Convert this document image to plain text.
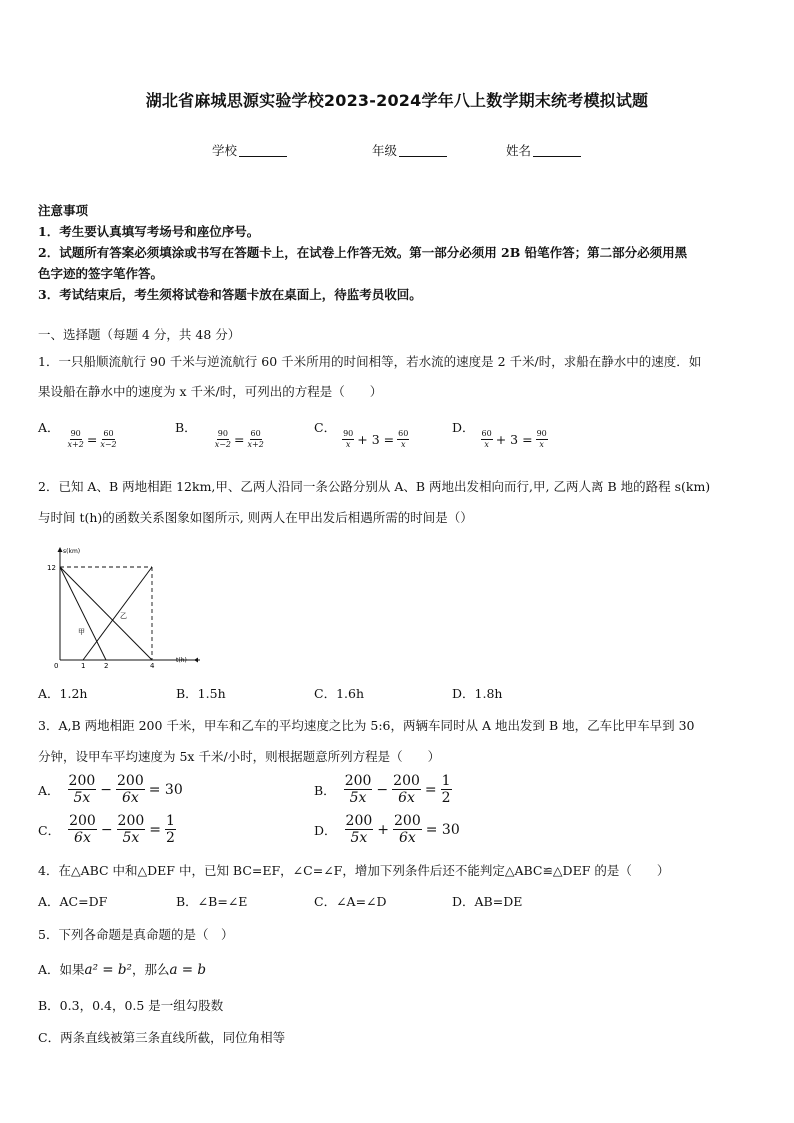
湖北省麻城思源实验学校2023-2024学年八上数学期末统考模拟试题
学校	年级	姓名
注意事项
1．考生要认真填写考场号和座位序号。
2．试题所有答案必须填涂或书写在答题卡上，在试卷上作答无效。第一部分必须用 2B 铅笔作答；第二部分必须用黑
色字迹的签字笔作答。
3．考试结束后，考生须将试卷和答题卡放在桌面上，待监考员收回。
一、选择题（每题 4 分，共 48 分）
1．一只船顺流航行 90 千米与逆流航行 60 千米所用的时间相等，若水流的速度是 2 千米/时，求船在静水中的速度．如
果设船在静水中的速度为 x 千米/时，可列出的方程是（　　）
A．
$\frac{90}{x+2} = \frac{60}{x-2}$
B．
$\frac{90}{x-2} = \frac{60}{x+2}$
C．
$\frac{90}{x} + 3 = \frac{60}{x}$
D．
$\frac{60}{x} + 3 = \frac{90}{x}$
2．已知 A、B 两地相距 12km,甲、乙两人沿同一条公路分别从 A、B 两地出发相向而行,甲, 乙两人离 B 地的路程 s(km)
与时间 t(h)的函数关系图象如图所示, 则两人在甲出发后相遇所需的时间是（）
s(km)
t(h)
12
0	1	2	4
甲
乙
A．1.2h	B．1.5h	C．1.6h	D．1.8h
3．A,B 两地相距 200 千米，甲车和乙车的平均速度之比为 5:6，两辆车同时从 A 地出发到 B 地，乙车比甲车早到 30
分钟，设甲车平均速度为 5x 千米/小时，则根据题意所列方程是（　　）
A． $\frac{200}{5x} - \frac{200}{6x} = 30$	B． $\frac{200}{5x} - \frac{200}{6x} = \frac{1}{2}$
C． $\frac{200}{6x} - \frac{200}{5x} = \frac{1}{2}$	D． $\frac{200}{5x} + \frac{200}{6x} = 30$
4．在△ABC 中和△DEF 中，已知 BC=EF，∠C=∠F，增加下列条件后还不能判定△ABC≌△DEF 的是（　　）
A．AC=DF	B．∠B=∠E	C．∠A=∠D	D．AB=DE
5．下列各命题是真命题的是（　）
A．如果a² = b²，那么a = b
B．0.3，0.4，0.5 是一组勾股数
C．两条直线被第三条直线所截，同位角相等
